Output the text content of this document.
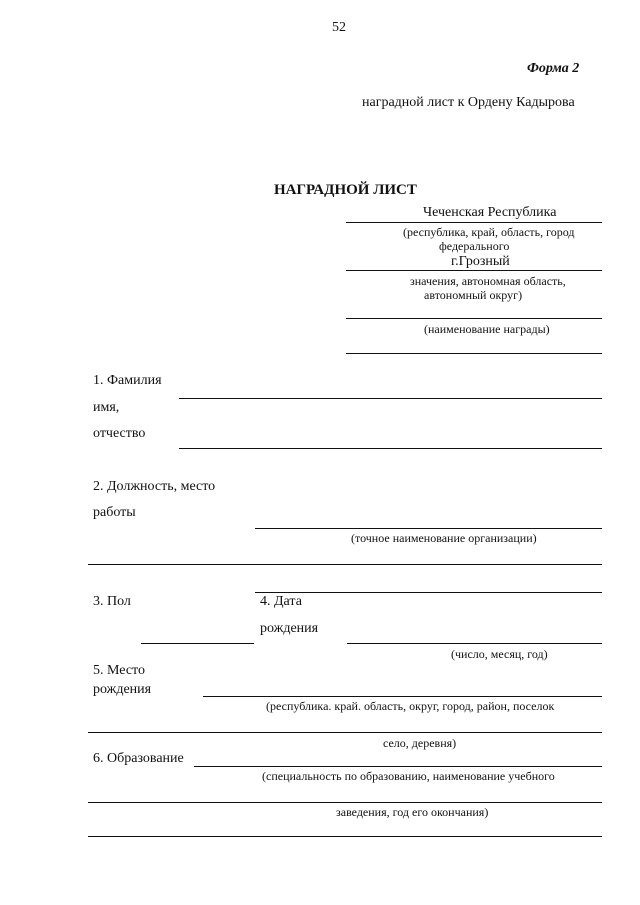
52
Форма 2
наградной лист к Ордену Кадырова
НАГРАДНОЙ ЛИСТ
Чеченская Республика
(республика, край, область, город
федерального
г.Грозный
значения, автономная область,
автономный округ)
(наименование награды)
1. Фамилия
имя,
отчество
2. Должность, место
работы
(точное наименование организации)
3. Пол	4. Дата
рождения
(число, месяц, год)
5. Место
рождения
(республика. край. область, округ, город, район, поселок
село, деревня)
6. Образование
(специальность по образованию, наименование учебного
заведения, год его окончания)
